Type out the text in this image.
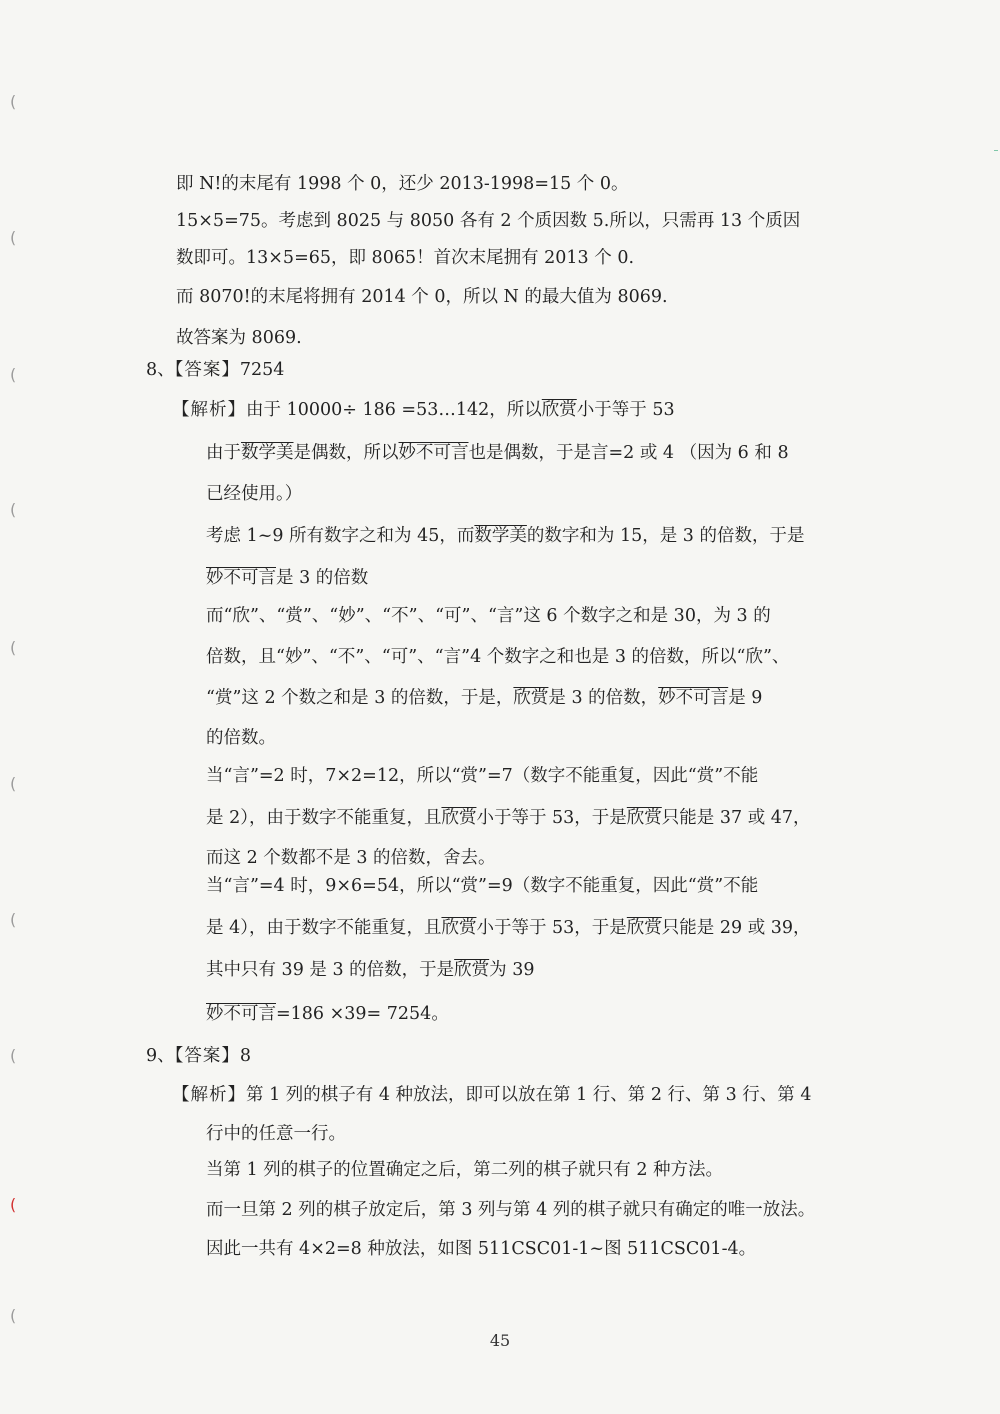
(
(
(
(
(
(
(
(
(
(
即 N!的末尾有 1998 个 0，还少 2013-1998=15 个 0。
15×5=75。考虑到 8025 与 8050 各有 2 个质因数 5.所以，只需再 13 个质因
数即可。13×5=65，即 8065！首次末尾拥有 2013 个 0.
而 8070!的末尾将拥有 2014 个 0，所以 N 的最大值为 8069.
故答案为 8069.
8、【答案】7254
【解析】由于 10000÷ 186 =53…142，所以欣赏小于等于 53
由于数学美是偶数，所以妙不可言也是偶数，于是言=2 或 4 （因为 6 和 8
已经使用。）
考虑 1~9 所有数字之和为 45，而数学美的数字和为 15，是 3 的倍数，于是
妙不可言是 3 的倍数
而“欣”、“赏”、“妙”、“不”、“可”、“言”这 6 个数字之和是 30，为 3 的
倍数，且“妙”、“不”、“可”、“言”4 个数字之和也是 3 的倍数，所以“欣”、
“赏”这 2 个数之和是 3 的倍数，于是，欣赏是 3 的倍数，妙不可言是 9
的倍数。
当“言”=2 时，7×2=12，所以“赏”=7（数字不能重复，因此“赏”不能
是 2），由于数字不能重复，且欣赏小于等于 53，于是欣赏只能是 37 或 47，
而这 2 个数都不是 3 的倍数，舍去。
当“言”=4 时，9×6=54，所以“赏”=9（数字不能重复，因此“赏”不能
是 4），由于数字不能重复，且欣赏小于等于 53，于是欣赏只能是 29 或 39，
其中只有 39 是 3 的倍数，于是欣赏为 39
妙不可言=186 ×39= 7254。
9、【答案】8
【解析】第 1 列的棋子有 4 种放法，即可以放在第 1 行、第 2 行、第 3 行、第 4
行中的任意一行。
当第 1 列的棋子的位置确定之后，第二列的棋子就只有 2 种方法。
而一旦第 2 列的棋子放定后，第 3 列与第 4 列的棋子就只有确定的唯一放法。
因此一共有 4×2=8 种放法，如图 511CSC01-1~图 511CSC01-4。
45
